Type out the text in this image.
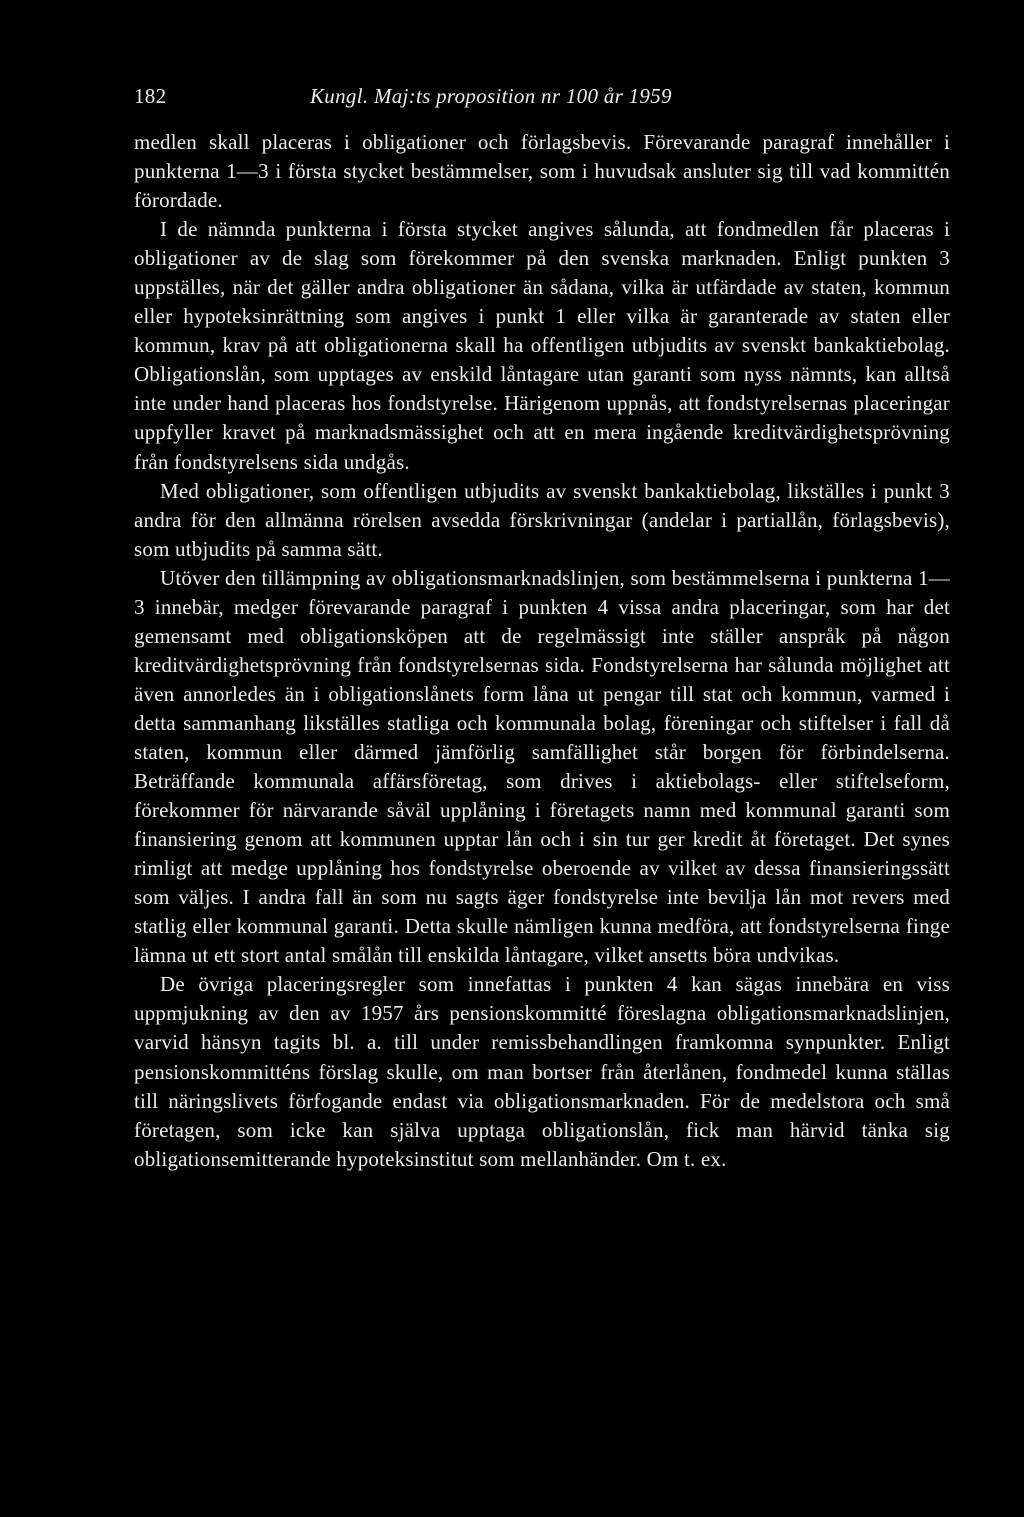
182	Kungl. Maj:ts proposition nr 100 år 1959

medlen skall placeras i obligationer och förlagsbevis. Förevarande paragraf innehåller i punkterna 1—3 i första stycket bestämmelser, som i huvudsak ansluter sig till vad kommittén förordade.

I de nämnda punkterna i första stycket angives sålunda, att fondmedlen får placeras i obligationer av de slag som förekommer på den svenska marknaden. Enligt punkten 3 uppställes, när det gäller andra obligationer än sådana, vilka är utfärdade av staten, kommun eller hypoteksinrättning som angives i punkt 1 eller vilka är garanterade av staten eller kommun, krav på att obligationerna skall ha offentligen utbjudits av svenskt bankaktiebolag. Obligationslån, som upptages av enskild låntagare utan garanti som nyss nämnts, kan alltså inte under hand placeras hos fondstyrelse. Härigenom uppnås, att fondstyrelsernas placeringar uppfyller kravet på marknadsmässighet och att en mera ingående kreditvärdighetsprövning från fondstyrelsens sida undgås.

Med obligationer, som offentligen utbjudits av svenskt bankaktiebolag, likställes i punkt 3 andra för den allmänna rörelsen avsedda förskrivningar (andelar i partiallån, förlagsbevis), som utbjudits på samma sätt.

Utöver den tillämpning av obligationsmarknadslinjen, som bestämmelserna i punkterna 1—3 innebär, medger förevarande paragraf i punkten 4 vissa andra placeringar, som har det gemensamt med obligationsköpen att de regelmässigt inte ställer anspråk på någon kreditvärdighetsprövning från fondstyrelsernas sida. Fondstyrelserna har sålunda möjlighet att även annorledes än i obligationslånets form låna ut pengar till stat och kommun, varmed i detta sammanhang likställes statliga och kommunala bolag, föreningar och stiftelser i fall då staten, kommun eller därmed jämförlig samfällighet står borgen för förbindelserna. Beträffande kommunala affärsföretag, som drives i aktiebolags- eller stiftelseform, förekommer för närvarande såväl upplåning i företagets namn med kommunal garanti som finansiering genom att kommunen upptar lån och i sin tur ger kredit åt företaget. Det synes rimligt att medge upplåning hos fondstyrelse oberoende av vilket av dessa finansieringssätt som väljes. I andra fall än som nu sagts äger fondstyrelse inte bevilja lån mot revers med statlig eller kommunal garanti. Detta skulle nämligen kunna medföra, att fondstyrelserna finge lämna ut ett stort antal smålån till enskilda låntagare, vilket ansetts böra undvikas.

De övriga placeringsregler som innefattas i punkten 4 kan sägas innebära en viss uppmjukning av den av 1957 års pensionskommitté föreslagna obligationsmarknadslinjen, varvid hänsyn tagits bl. a. till under remissbehandlingen framkomna synpunkter. Enligt pensionskommitténs förslag skulle, om man bortser från återlånen, fondmedel kunna ställas till näringslivets förfogande endast via obligationsmarknaden. För de medelstora och små företagen, som icke kan själva upptaga obligationslån, fick man härvid tänka sig obligationsemitterande hypoteksinstitut som mellanhänder. Om t. ex.
